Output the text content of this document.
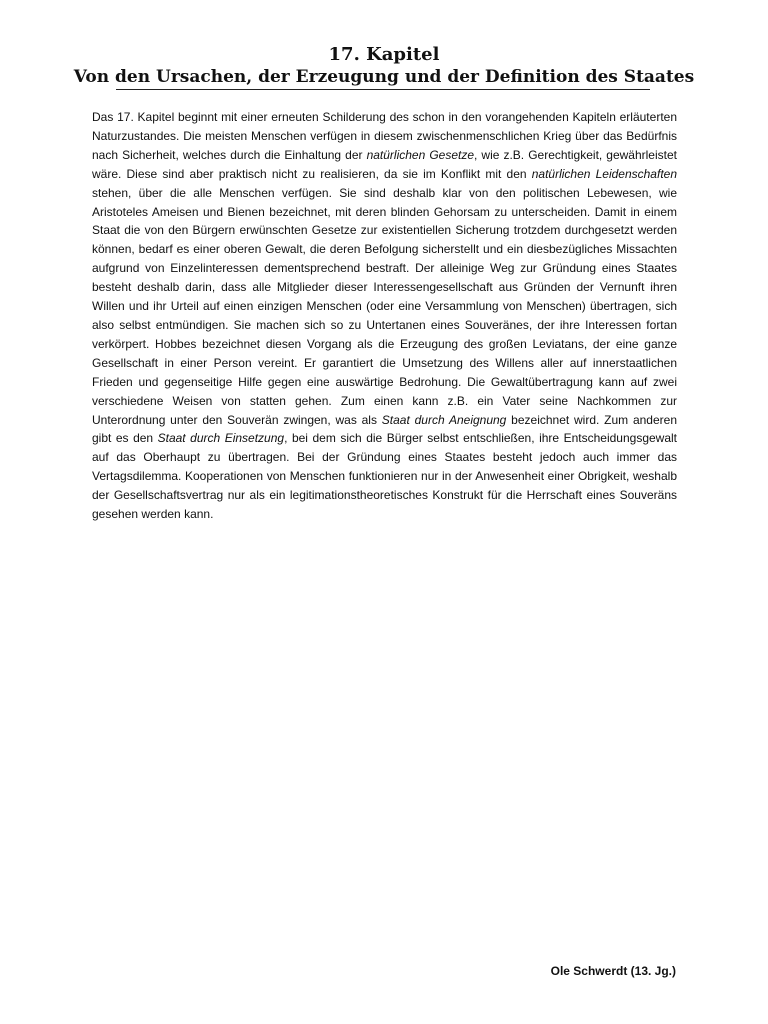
17. Kapitel
Von den Ursachen, der Erzeugung und der Definition des Staates

Das 17. Kapitel beginnt mit einer erneuten Schilderung des schon in den vorangehenden Kapiteln erläuterten Naturzustandes. Die meisten Menschen verfügen in diesem zwischenmenschlichen Krieg über das Bedürfnis nach Sicherheit, welches durch die Einhaltung der natürlichen Gesetze, wie z.B. Gerechtigkeit, gewährleistet wäre. Diese sind aber praktisch nicht zu realisieren, da sie im Konflikt mit den natürlichen Leidenschaften stehen, über die alle Menschen verfügen. Sie sind deshalb klar von den politischen Lebewesen, wie Aristoteles Ameisen und Bienen bezeichnet, mit deren blinden Gehorsam zu unterscheiden. Damit in einem Staat die von den Bürgern erwünschten Gesetze zur existentiellen Sicherung trotzdem durchgesetzt werden können, bedarf es einer oberen Gewalt, die deren Befolgung sicherstellt und ein diesbezügliches Missachten aufgrund von Einzelinteressen dementsprechend bestraft. Der alleinige Weg zur Gründung eines Staates besteht deshalb darin, dass alle Mitglieder dieser Interessengesellschaft aus Gründen der Vernunft ihren Willen und ihr Urteil auf einen einzigen Menschen (oder eine Versammlung von Menschen) übertragen, sich also selbst entmündigen. Sie machen sich so zu Untertanen eines Souveränes, der ihre Interessen fortan verkörpert. Hobbes bezeichnet diesen Vorgang als die Erzeugung des großen Leviatans, der eine ganze Gesellschaft in einer Person vereint. Er garantiert die Umsetzung des Willens aller auf innerstaatlichen Frieden und gegenseitige Hilfe gegen eine auswärtige Bedrohung. Die Gewaltübertragung kann auf zwei verschiedene Weisen von statten gehen. Zum einen kann z.B. ein Vater seine Nachkommen zur Unterordnung unter den Souverän zwingen, was als Staat durch Aneignung bezeichnet wird. Zum anderen gibt es den Staat durch Einsetzung, bei dem sich die Bürger selbst entschließen, ihre Entscheidungsgewalt auf das Oberhaupt zu übertragen. Bei der Gründung eines Staates besteht jedoch auch immer das Vertagsdilemma. Kooperationen von Menschen funktionieren nur in der Anwesenheit einer Obrigkeit, weshalb der Gesellschaftsvertrag nur als ein legitimationstheoretisches Konstrukt für die Herrschaft eines Souveräns gesehen werden kann.

Ole Schwerdt (13. Jg.)
